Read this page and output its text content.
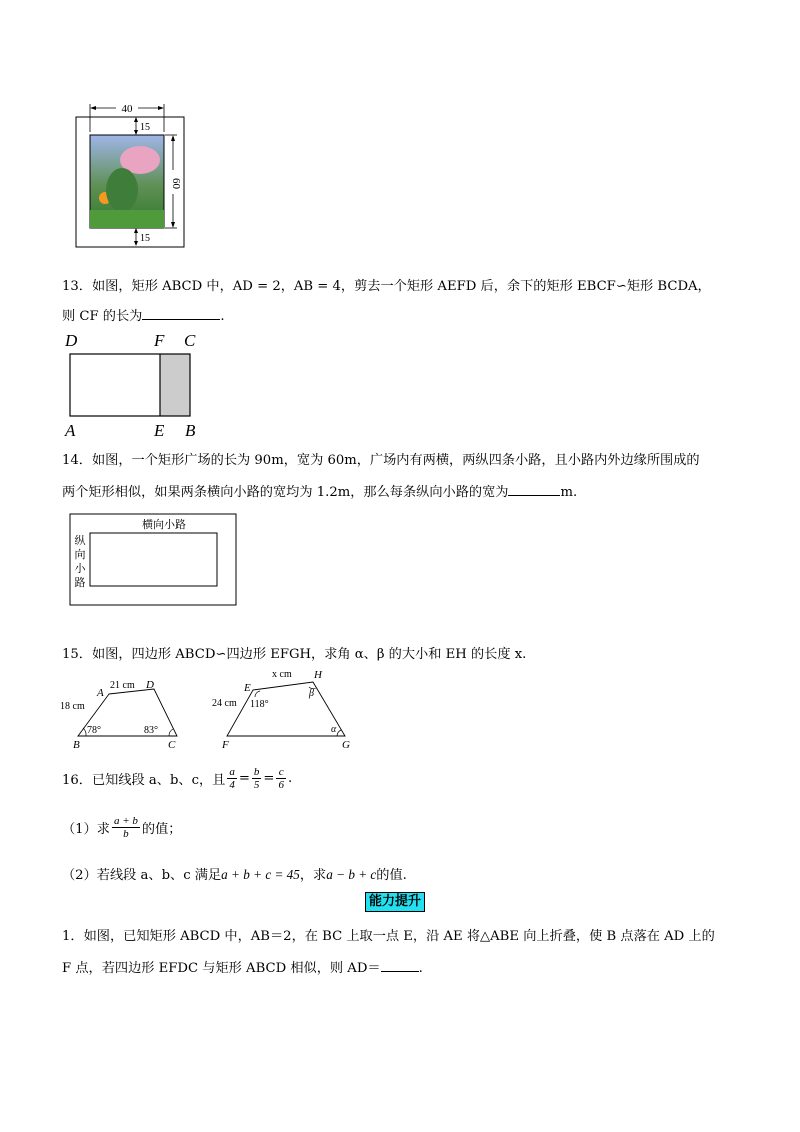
40
15
60
15
13．如图，矩形 ABCD 中，AD = 2，AB = 4，剪去一个矩形 AEFD 后，余下的矩形 EBCF∽矩形 BCDA，
则 CF 的长为	.
D	F C
A	E B
14．如图，一个矩形广场的长为 90m，宽为 60m，广场内有两横，两纵四条小路，且小路内外边缘所围成的
两个矩形相似，如果两条横向小路的宽均为 1.2m，那么每条纵向小路的宽为	m.
横向小路
纵
向
小
路
15．如图，四边形 ABCD∽四边形 EFGH，求角 α、β 的大小和 EH 的长度 x.
A
D
B	C
21 cm
18 cm
78°	83°
E
H
F	G
x cm
24 cm 118°
β
α
16．已知线段 a、b、c，且 $\frac{a}{4} = \frac{b}{5} = \frac{c}{6}$ .
（1）求 $\frac{a + b}{b}$ 的值；
（2）若线段 a、b、c 满足a + b + c = 45，求a − b + c的值.
能力提升
1．如图，已知矩形 ABCD 中，AB＝2，在 BC 上取一点 E，沿 AE 将△ABE 向上折叠，使 B 点落在 AD 上的
F 点，若四边形 EFDC 与矩形 ABCD 相似，则 AD＝	.
